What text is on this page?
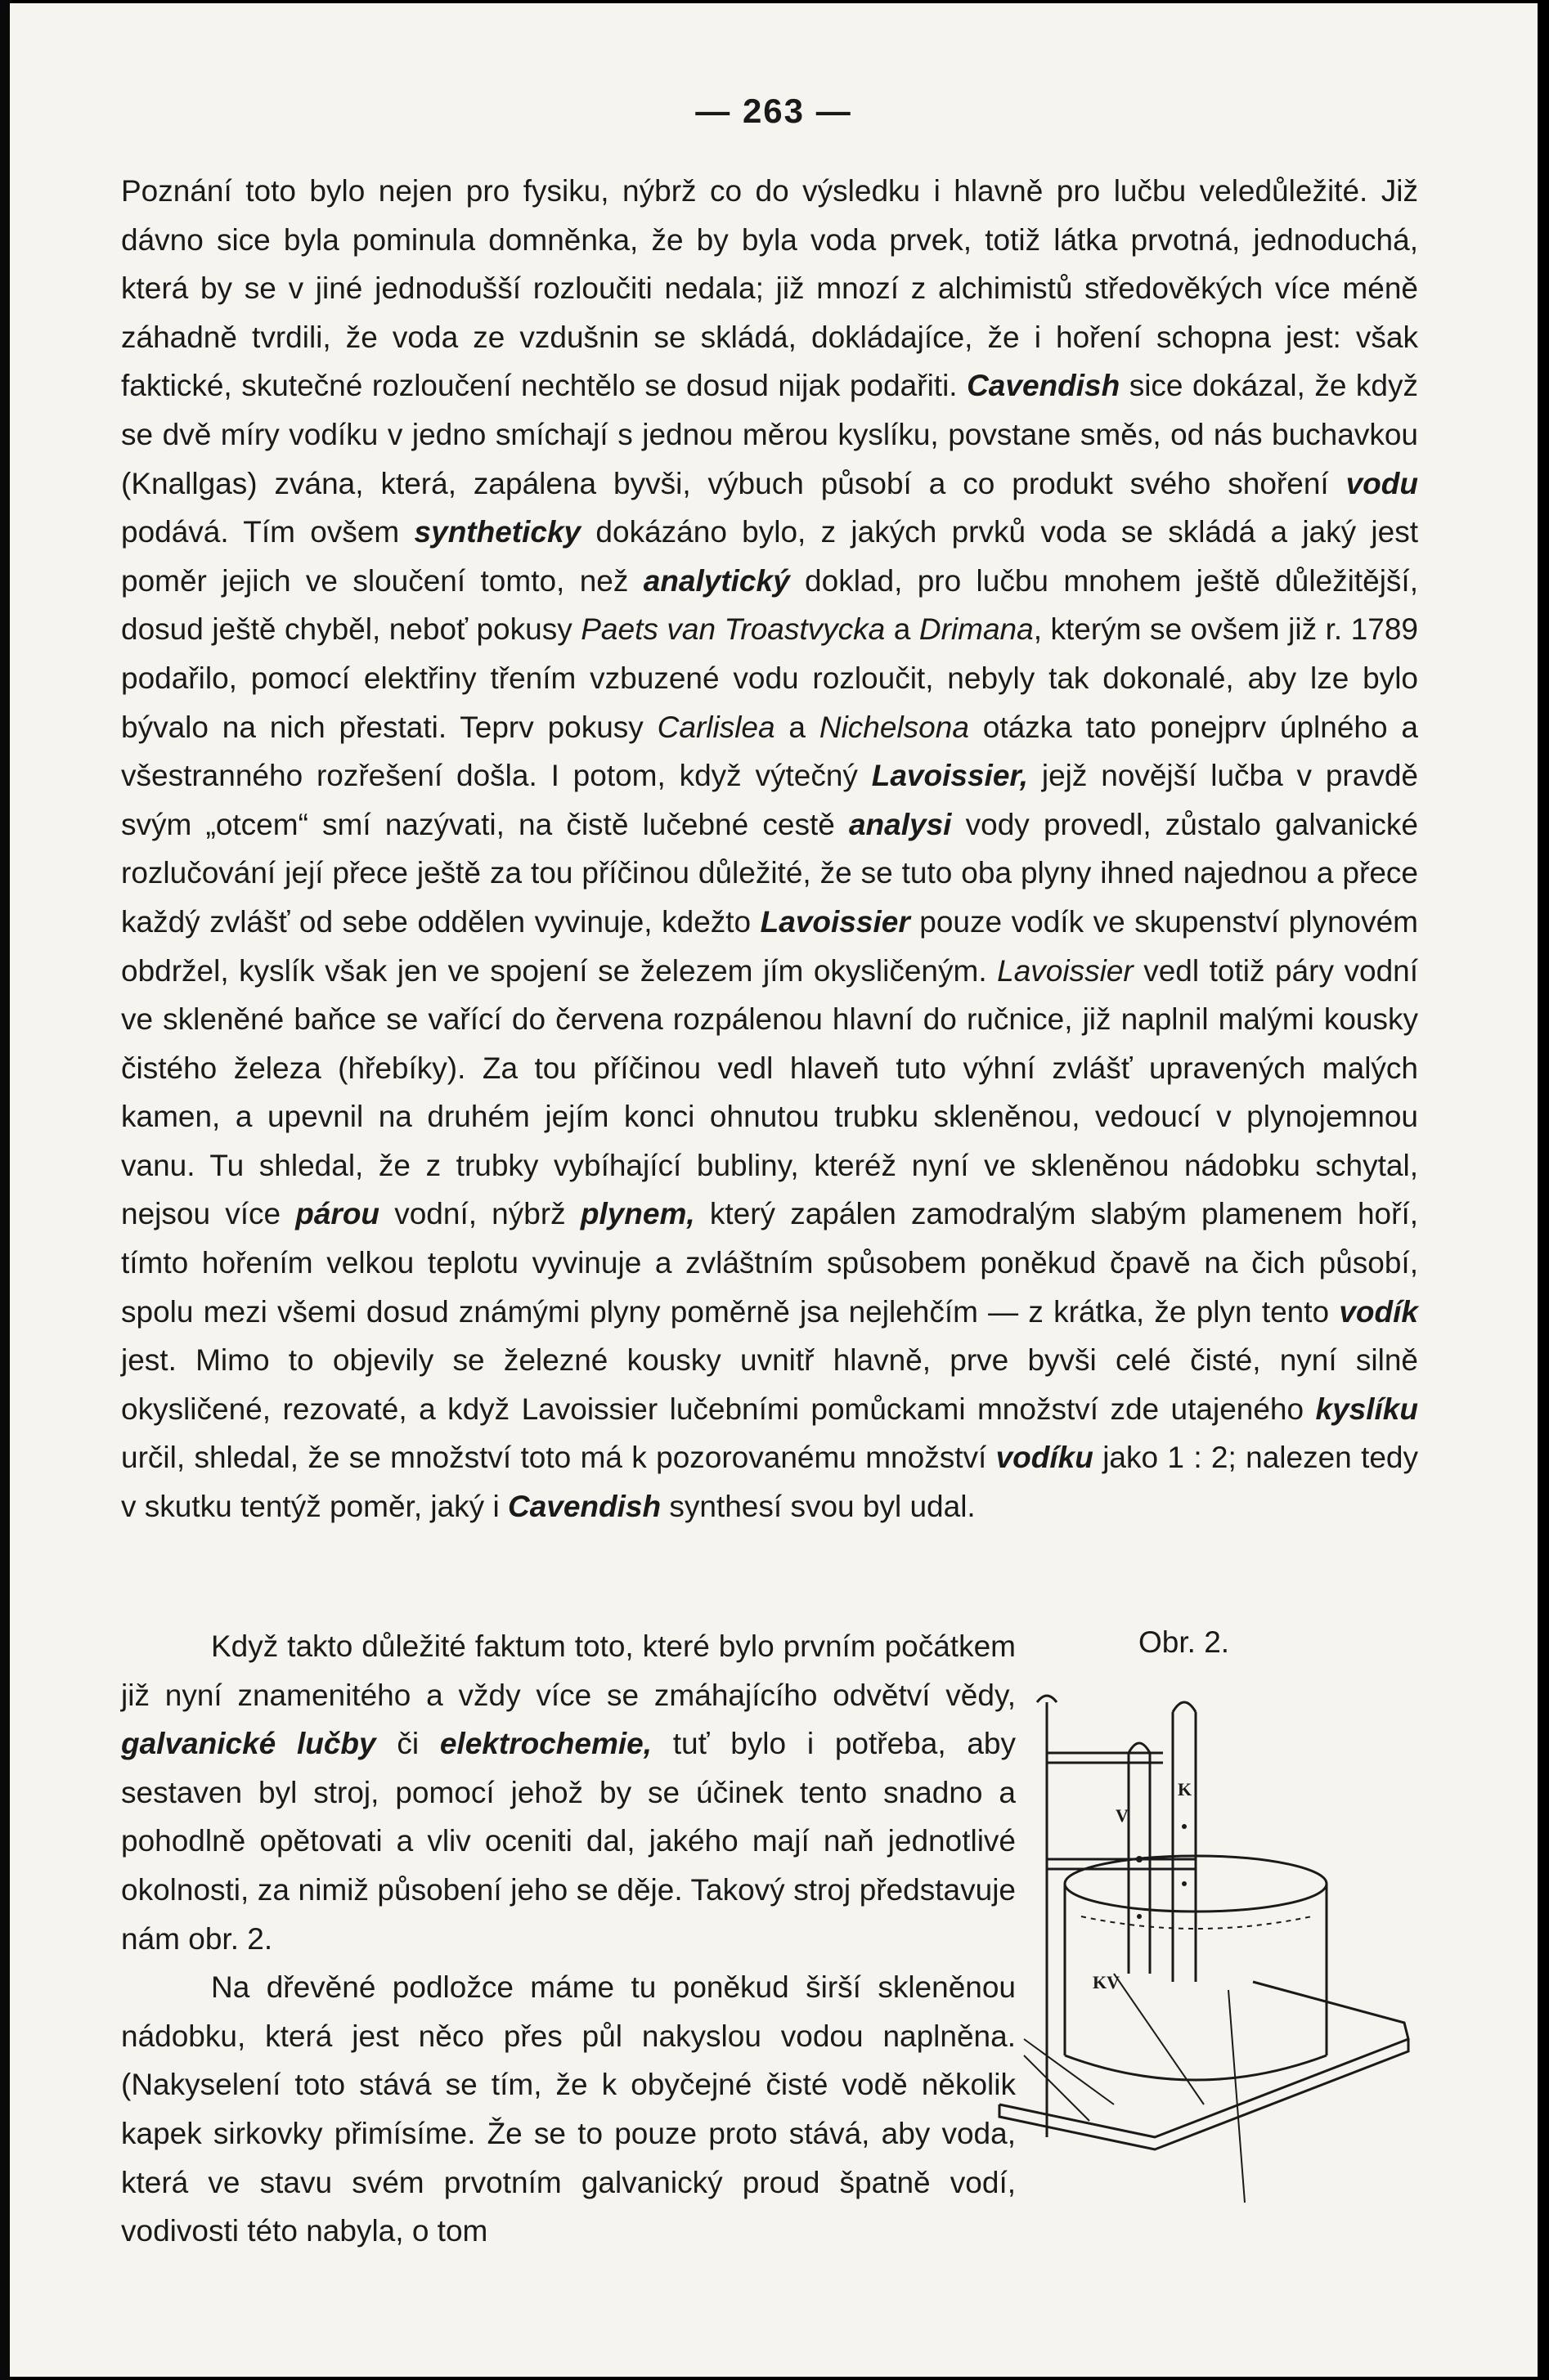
— 263 —

Poznání toto bylo nejen pro fysiku, nýbrž co do výsledku i hlavně pro lučbu veledůležité. Již dávno sice byla pominula domněnka, že by byla voda prvek, totiž látka prvotná, jednoduchá, která by se v jiné jednodušší rozloučiti nedala; již mnozí z alchimistů středověkých více méně záhadně tvrdili, že voda ze vzdušnin se skládá, dokládajíce, že i hoření schopna jest: však faktické, skutečné rozloučení nechtělo se dosud nijak podařiti. Cavendish sice dokázal, že když se dvě míry vodíku v jedno smíchají s jednou měrou kyslíku, povstane směs, od nás buchavkou (Knallgas) zvána, která, zapálena byvši, výbuch působí a co produkt svého shoření vodu podává. Tím ovšem syntheticky dokázáno bylo, z jakých prvků voda se skládá a jaký jest poměr jejich ve sloučení tomto, než analytický doklad, pro lučbu mnohem ještě důležitější, dosud ještě chyběl, neboť pokusy Paets van Troastvycka a Drimana, kterým se ovšem již r. 1789 podařilo, pomocí elektřiny třením vzbuzené vodu rozloučit, nebyly tak dokonalé, aby lze bylo bývalo na nich přestati. Teprv pokusy Carlislea a Nichelsona otázka tato ponejprv úplného a všestranného rozřešení došla. I potom, když výtečný Lavoissier, jejž novější lučba v pravdě svým „otcem“ smí nazývati, na čistě lučebné cestě analysi vody provedl, zůstalo galvanické rozlučování její přece ještě za tou příčinou důležité, že se tuto oba plyny ihned najednou a přece každý zvlášť od sebe oddělen vyvinuje, kdežto Lavoissier pouze vodík ve skupenství plynovém obdržel, kyslík však jen ve spojení se železem jím okysličeným. Lavoissier vedl totiž páry vodní ve skleněné baňce se vařící do červena rozpálenou hlavní do ručnice, již naplnil malými kousky čistého železa (hřebíky). Za tou příčinou vedl hlaveň tuto výhní zvlášť upravených malých kamen, a upevnil na druhém jejím konci ohnutou trubku skleněnou, vedoucí v plynojemnou vanu. Tu shledal, že z trubky vybíhající bubliny, kteréž nyní ve skleněnou nádobku schytal, nejsou více párou vodní, nýbrž plynem, který zapálen zamodralým slabým plamenem hoří, tímto hořením velkou teplotu vyvinuje a zvláštním spůsobem poněkud čpavě na čich působí, spolu mezi všemi dosud známými plyny poměrně jsa nejlehčím — z krátka, že plyn tento vodík jest. Mimo to objevily se železné kousky uvnitř hlavně, prve byvši celé čisté, nyní silně okysličené, rezovaté, a když Lavoissier lučebními pomůckami množství zde utajeného kyslíku určil, shledal, že se množství toto má k pozorovanému množství vodíku jako 1 : 2; nalezen tedy v skutku tentýž poměr, jaký i Cavendish synthesí svou byl udal.

Když takto důležité faktum toto, které bylo prvním počátkem již nyní znamenitého a vždy více se zmáhajícího odvětví vědy, galvanické lučby či elektrochemie, tuť bylo i potřeba, aby sestaven byl stroj, pomocí jehož by se účinek tento snadno a pohodlně opětovati a vliv oceniti dal, jakého mají naň jednotlivé okolnosti, za nimiž působení jeho se děje. Takový stroj představuje nám obr. 2.

Na dřevěné podložce máme tu poněkud širší skleněnou nádobku, která jest něco přes půl nakyslou vodou naplněna. (Nakyselení toto stává se tím, že k obyčejné čisté vodě několik kapek sirkovky přimísíme. Že se to pouze proto stává, aby voda, která ve stavu svém prvotním galvanický proud špatně vodí, vodivosti této nabyla, o tom

Obr. 2.
K
V
KV
